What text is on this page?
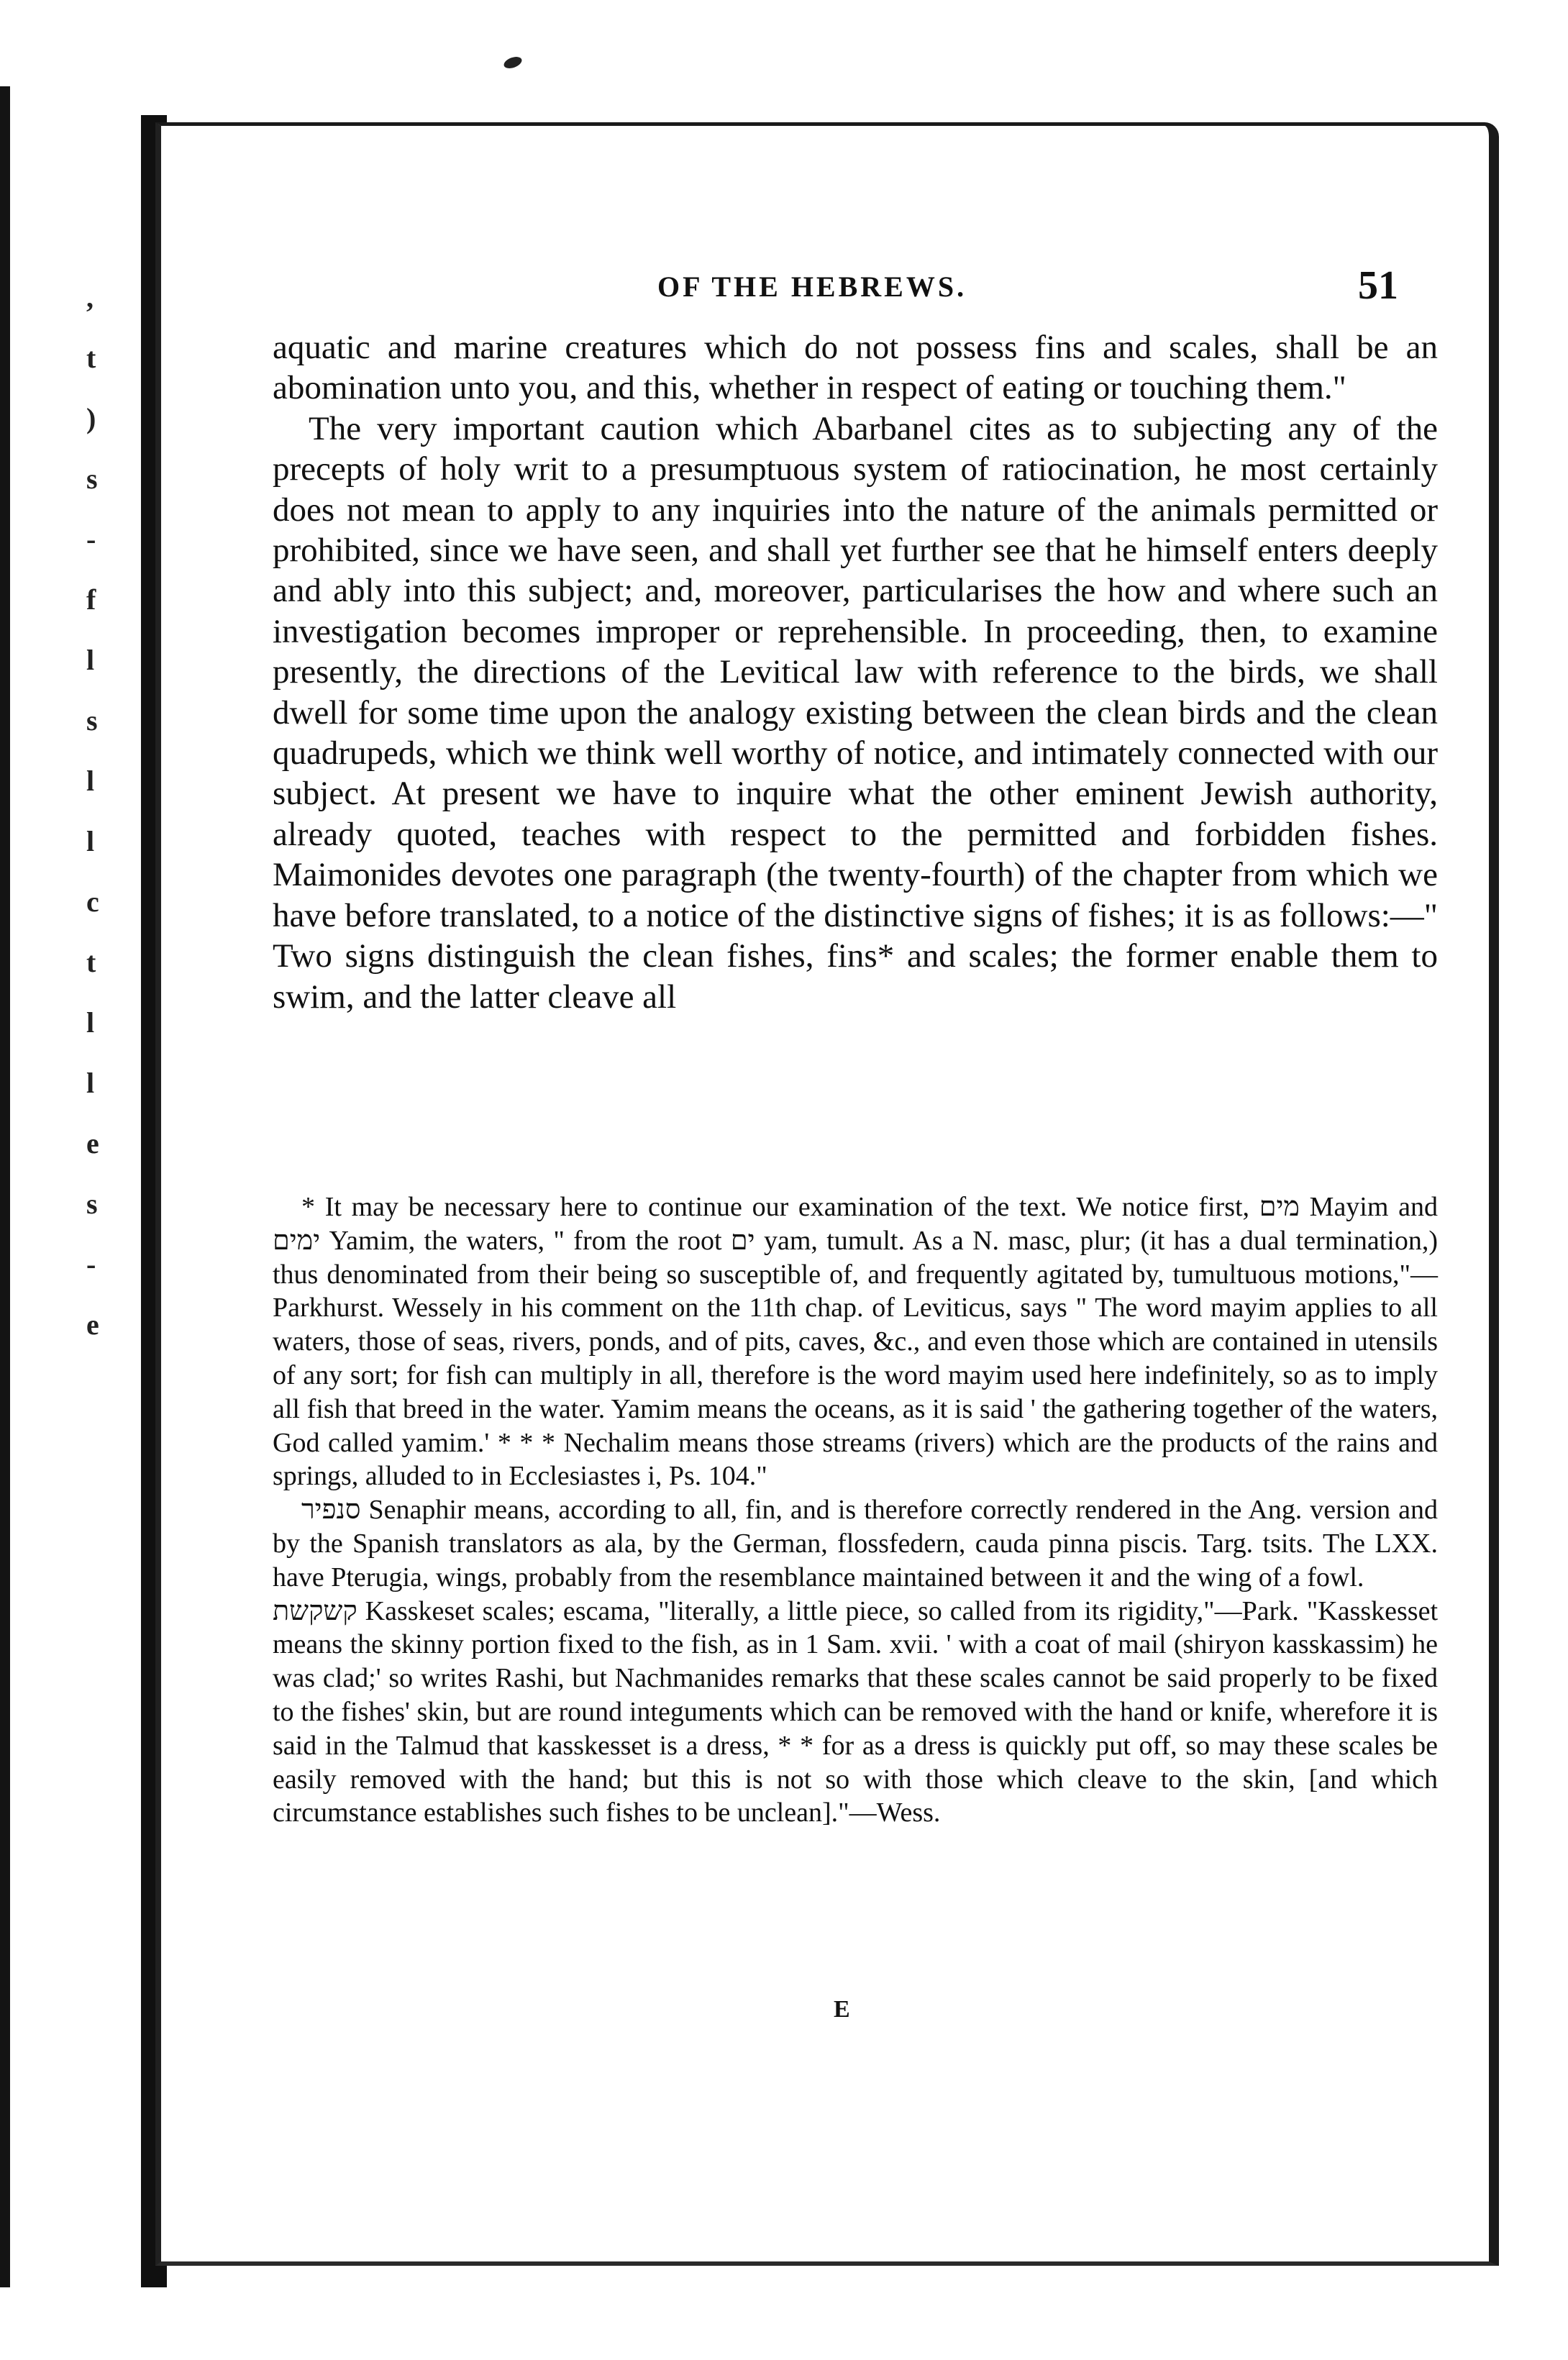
,
t
)
s
-
f
l
s
l
l
c
t
l
l
e
s
-
e
OF THE HEBREWS.	51

aquatic and marine creatures which do not possess fins and scales, shall be an abomination unto you, and this, whether in respect of eating or touching them."

The very important caution which Abarbanel cites as to subjecting any of the precepts of holy writ to a presumptuous system of ratiocination, he most certainly does not mean to apply to any inquiries into the nature of the animals permitted or prohibited, since we have seen, and shall yet further see that he himself enters deeply and ably into this subject; and, moreover, particularises the how and where such an investigation becomes improper or reprehensible. In proceeding, then, to examine presently, the directions of the Levitical law with reference to the birds, we shall dwell for some time upon the analogy existing between the clean birds and the clean quadrupeds, which we think well worthy of notice, and intimately connected with our subject. At present we have to inquire what the other eminent Jewish authority, already quoted, teaches with respect to the permitted and forbidden fishes. Maimonides devotes one paragraph (the twenty-fourth) of the chapter from which we have before translated, to a notice of the distinctive signs of fishes; it is as follows:—" Two signs distinguish the clean fishes, fins* and scales; the former enable them to swim, and the latter cleave all

* It may be necessary here to continue our examination of the text. We notice first, מים Mayim and ימים Yamim, the waters, " from the root ים yam, tumult. As a N. masc, plur; (it has a dual termination,) thus denominated from their being so susceptible of, and frequently agitated by, tumultuous motions,"—Parkhurst. Wessely in his comment on the 11th chap. of Leviticus, says " The word mayim applies to all waters, those of seas, rivers, ponds, and of pits, caves, &c., and even those which are contained in utensils of any sort; for fish can multiply in all, therefore is the word mayim used here indefinitely, so as to imply all fish that breed in the water. Yamim means the oceans, as it is said ' the gathering together of the waters, God called yamim.' * * * Nechalim means those streams (rivers) which are the products of the rains and springs, alluded to in Ecclesiastes i, Ps. 104."

סנפיר Senaphir means, according to all, fin, and is therefore correctly rendered in the Ang. version and by the Spanish translators as ala, by the German, flossfedern, cauda pinna piscis. Targ. tsits. The LXX. have Pterugia, wings, probably from the resemblance maintained between it and the wing of a fowl.

קשקשת Kasskeset scales; escama, "literally, a little piece, so called from its rigidity,"—Park. "Kasskesset means the skinny portion fixed to the fish, as in 1 Sam. xvii. ' with a coat of mail (shiryon kasskassim) he was clad;' so writes Rashi, but Nachmanides remarks that these scales cannot be said properly to be fixed to the fishes' skin, but are round integuments which can be removed with the hand or knife, wherefore it is said in the Talmud that kasskesset is a dress, * * for as a dress is quickly put off, so may these scales be easily removed with the hand; but this is not so with those which cleave to the skin, [and which circumstance establishes such fishes to be unclean]."—Wess.

E
